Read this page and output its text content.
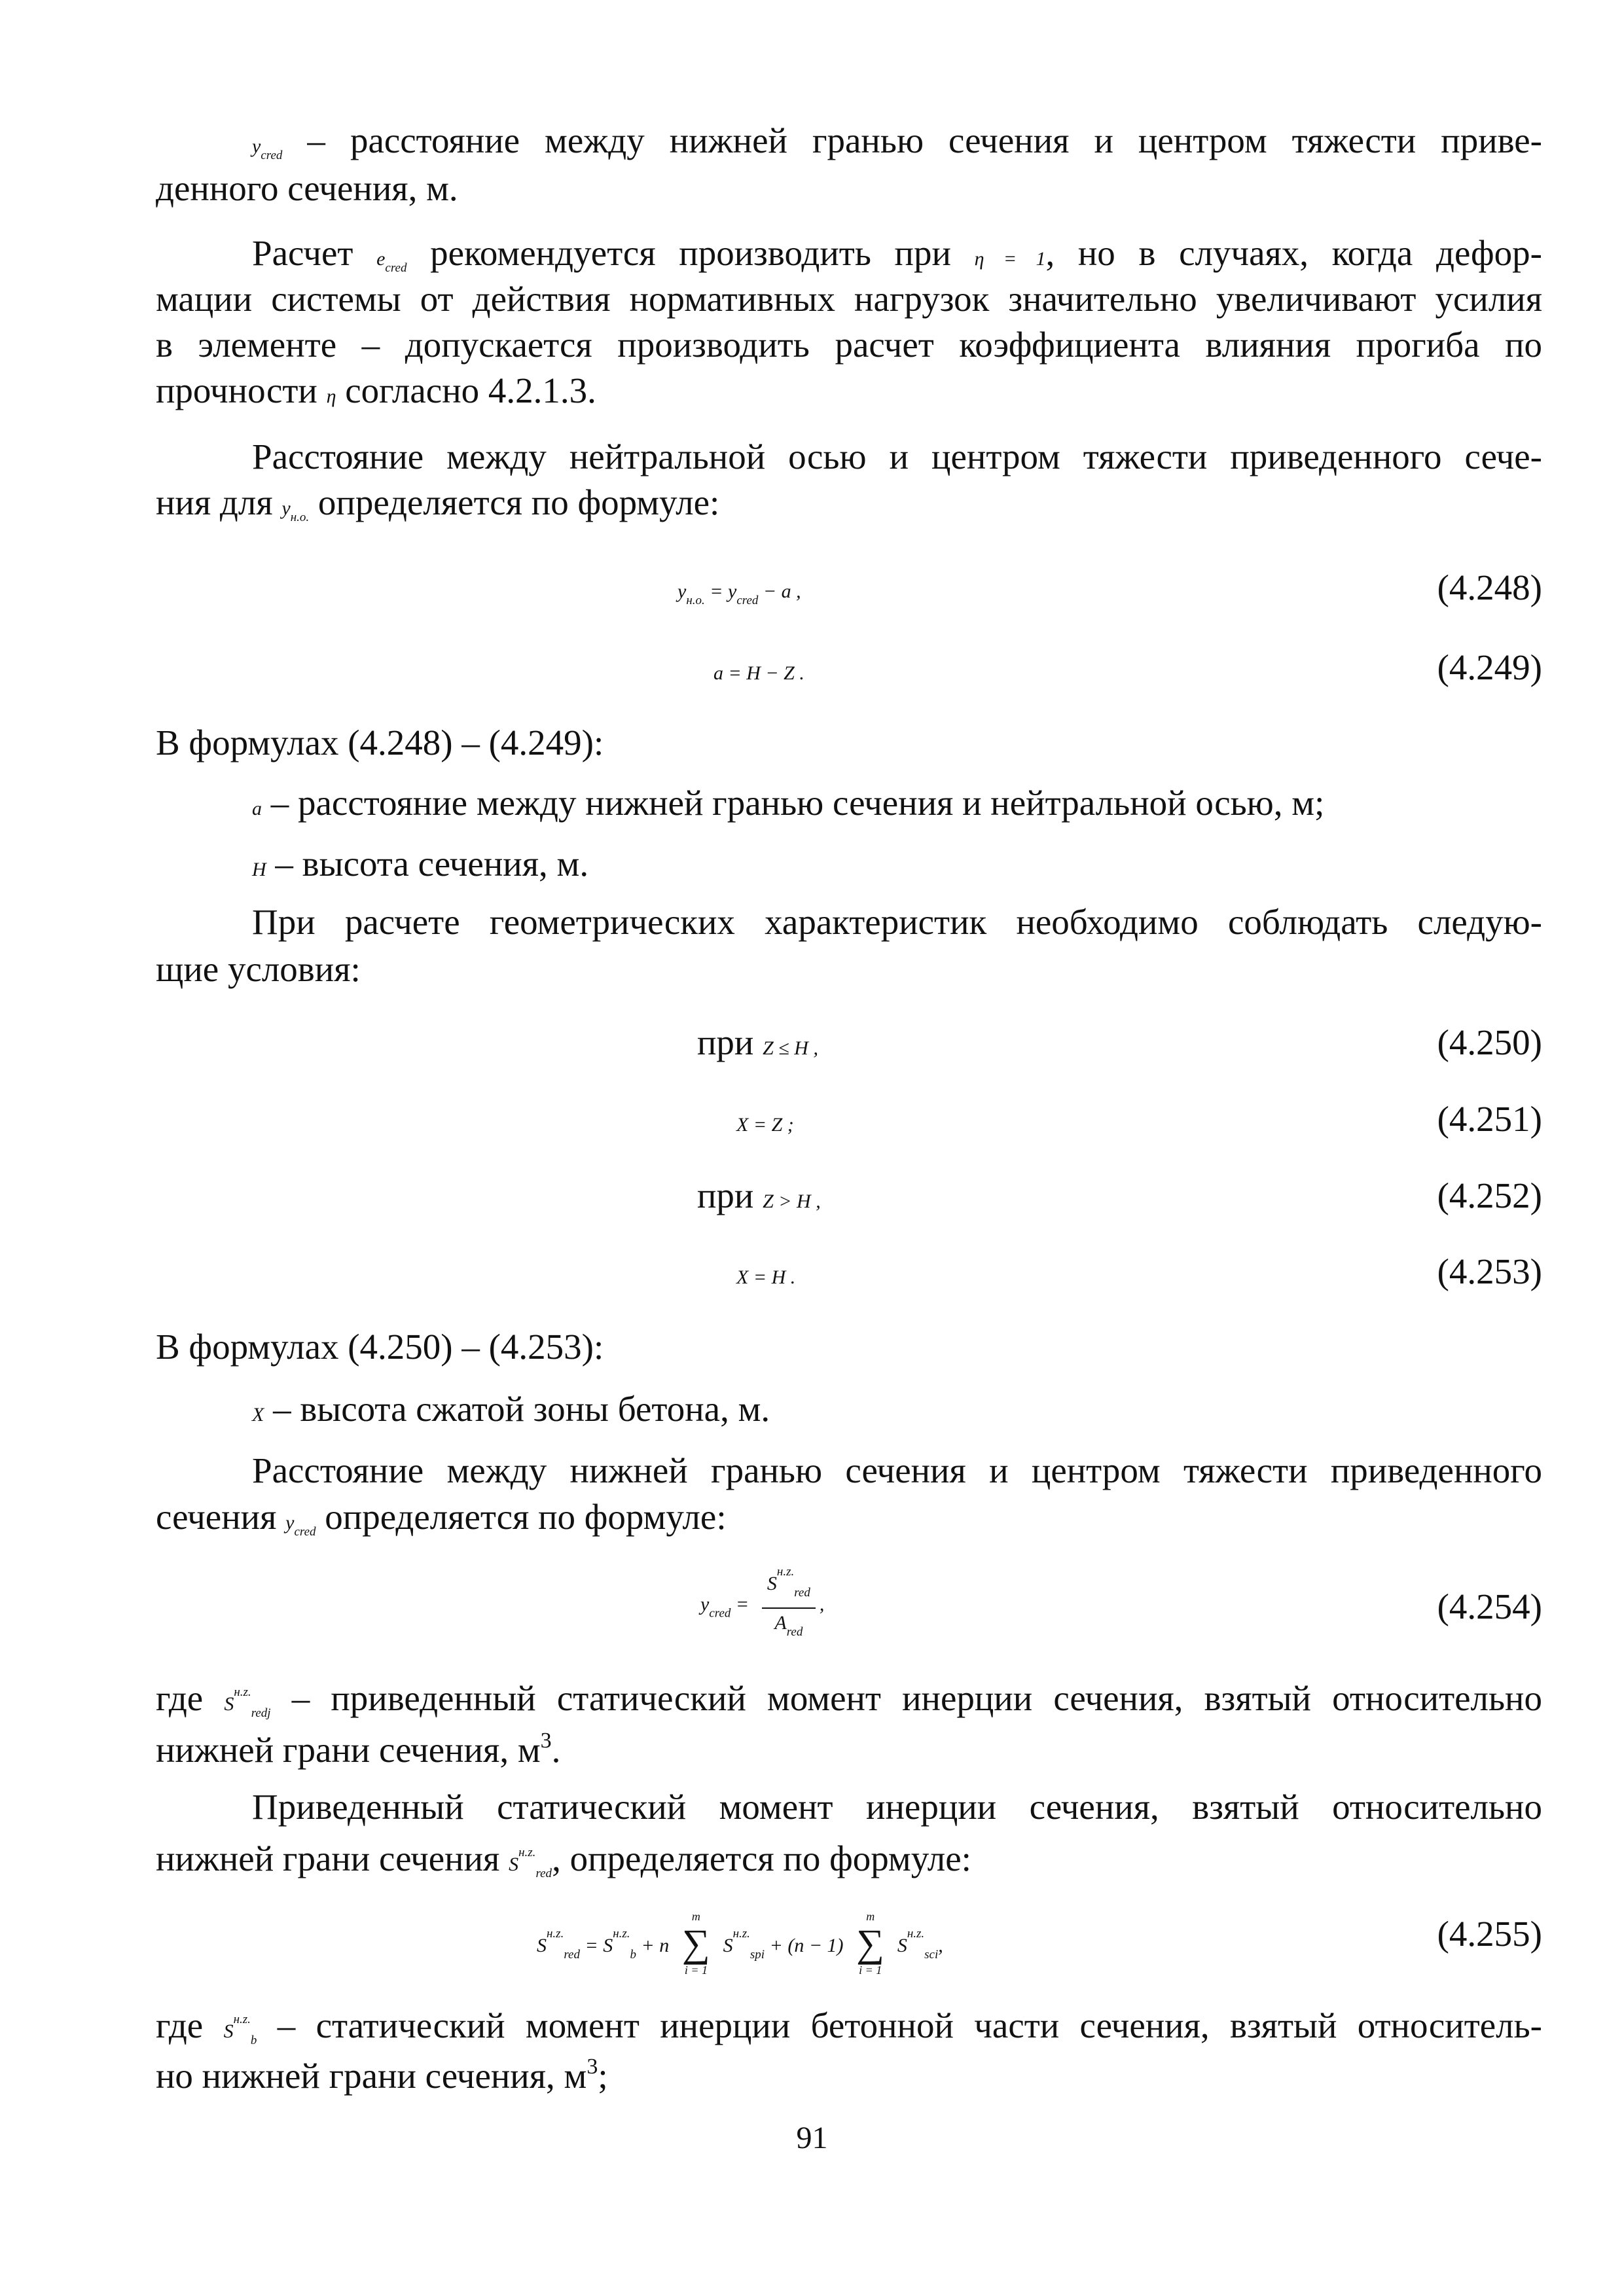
$y_{cred}$ – расстояние между нижней гранью сечения и центром тяжести приве-
денного сечения, м.
Расчет $e_{cred}$ рекомендуется производить при η = 1, но в случаях, когда дефор-
мации системы от действия нормативных нагрузок значительно увеличивают усилия
в элементе – допускается производить расчет коэффициента влияния прогиба по
прочности η согласно 4.2.1.3.
Расстояние между нейтральной осью и центром тяжести приведенного сече-
ния для $y_{н.о.}$ определяется по формуле:
$y_{н.о.} = y_{cred} - a$ ,	(4.248)
a = H − Z .	(4.249)
В формулах (4.248) – (4.249):
a – расстояние между нижней гранью сечения и нейтральной осью, м;
H – высота сечения, м.
При расчете геометрических характеристик необходимо соблюдать следую-
щие условия:
при Z ≤ H ,	(4.250)
X = Z ;	(4.251)
при Z > H ,	(4.252)
X = H .	(4.253)
В формулах (4.250) – (4.253):
X – высота сжатой зоны бетона, м.
Расстояние между нижней гранью сечения и центром тяжести приведенного
сечения $y_{cred}$ определяется по формуле:
$y_{cred} = \frac{S^{н.z.}_{red}}{A_{red}}$ ,	(4.254)
где $S^{н.z.}_{redj}$ – приведенный статический момент инерции сечения, взятый относительно
нижней грани сечения, $м^3$.
Приведенный статический момент инерции сечения, взятый относительно
нижней грани сечения $S^{н.z.}_{red}$, определяется по формуле:
$S^{н.z.}_{red} = S^{н.z.}_b + n$
m
∑
i = 1
$S^{н.z.}_{spi} + (n - 1)$
m
∑
i = 1
$S^{н.z.}_{sci}$,	(4.255)
где $S^{н.z.}_b$ – статический момент инерции бетонной части сечения, взятый относитель-
но нижней грани сечения, $м^3$;
91
